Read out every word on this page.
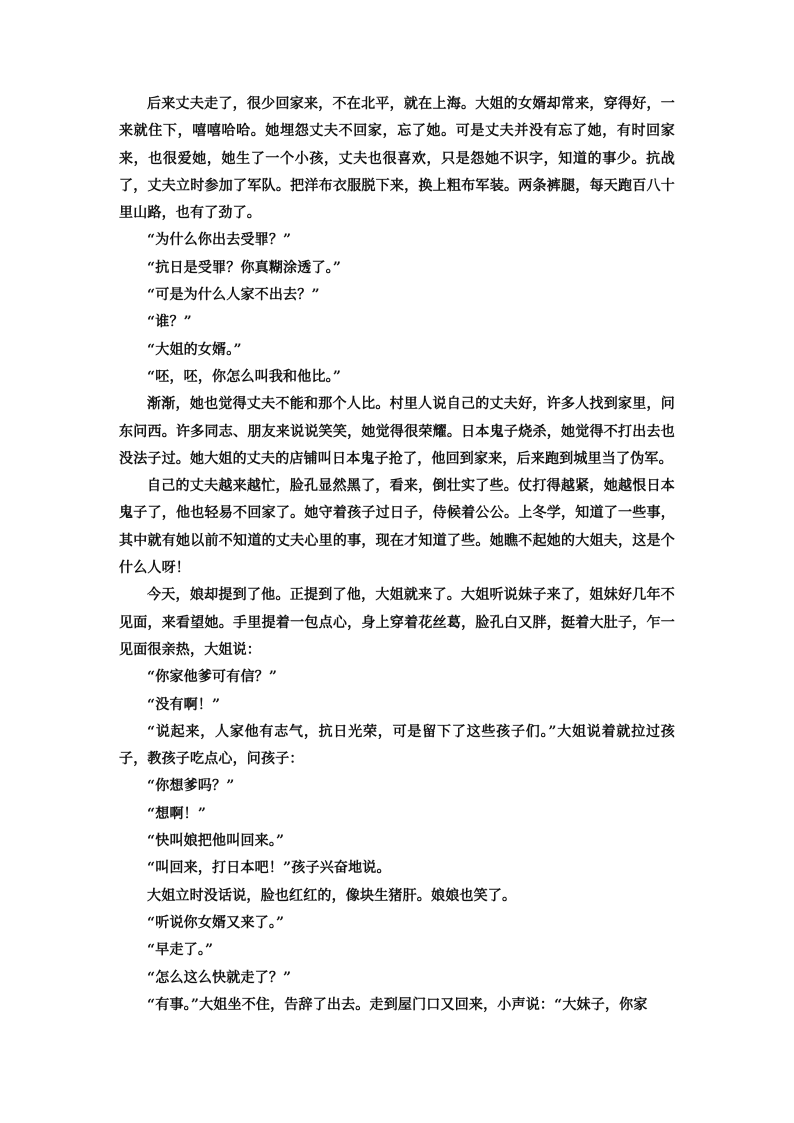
后来丈夫走了，很少回家来，不在北平，就在上海。大姐的女婿却常来，穿得好，一来就住下，嘻嘻哈哈。她埋怨丈夫不回家，忘了她。可是丈夫并没有忘了她，有时回家来，也很爱她，她生了一个小孩，丈夫也很喜欢，只是怨她不识字，知道的事少。抗战了，丈夫立时参加了军队。把洋布衣服脱下来，换上粗布军装。两条裤腿，每天跑百八十里山路，也有了劲了。

“为什么你出去受罪？”

“抗日是受罪？你真糊涂透了。”

“可是为什么人家不出去？”

“谁？”

“大姐的女婿。”

“呸，呸，你怎么叫我和他比。”

渐渐，她也觉得丈夫不能和那个人比。村里人说自己的丈夫好，许多人找到家里，问东问西。许多同志、朋友来说说笑笑，她觉得很荣耀。日本鬼子烧杀，她觉得不打出去也没法子过。她大姐的丈夫的店铺叫日本鬼子抢了，他回到家来，后来跑到城里当了伪军。

自己的丈夫越来越忙，脸孔显然黑了，看来，倒壮实了些。仗打得越紧，她越恨日本鬼子了，他也轻易不回家了。她守着孩子过日子，侍候着公公。上冬学，知道了一些事，其中就有她以前不知道的丈夫心里的事，现在才知道了些。她瞧不起她的大姐夫，这是个什么人呀！

今天，娘却提到了他。正提到了他，大姐就来了。大姐听说妹子来了，姐妹好几年不见面，来看望她。手里提着一包点心，身上穿着花丝葛，脸孔白又胖，挺着大肚子，乍一见面很亲热，大姐说：

“你家他爹可有信？”

“没有啊！”

“说起来，人家他有志气，抗日光荣，可是留下了这些孩子们。”大姐说着就拉过孩子，教孩子吃点心，问孩子：

“你想爹吗？”

“想啊！”

“快叫娘把他叫回来。”

“叫回来，打日本吧！”孩子兴奋地说。

大姐立时没话说，脸也红红的，像块生猪肝。娘娘也笑了。

“听说你女婿又来了。”

“早走了。”

“怎么这么快就走了？”

“有事。”大姐坐不住，告辞了出去。走到屋门口又回来，小声说：“大妹子，你家
